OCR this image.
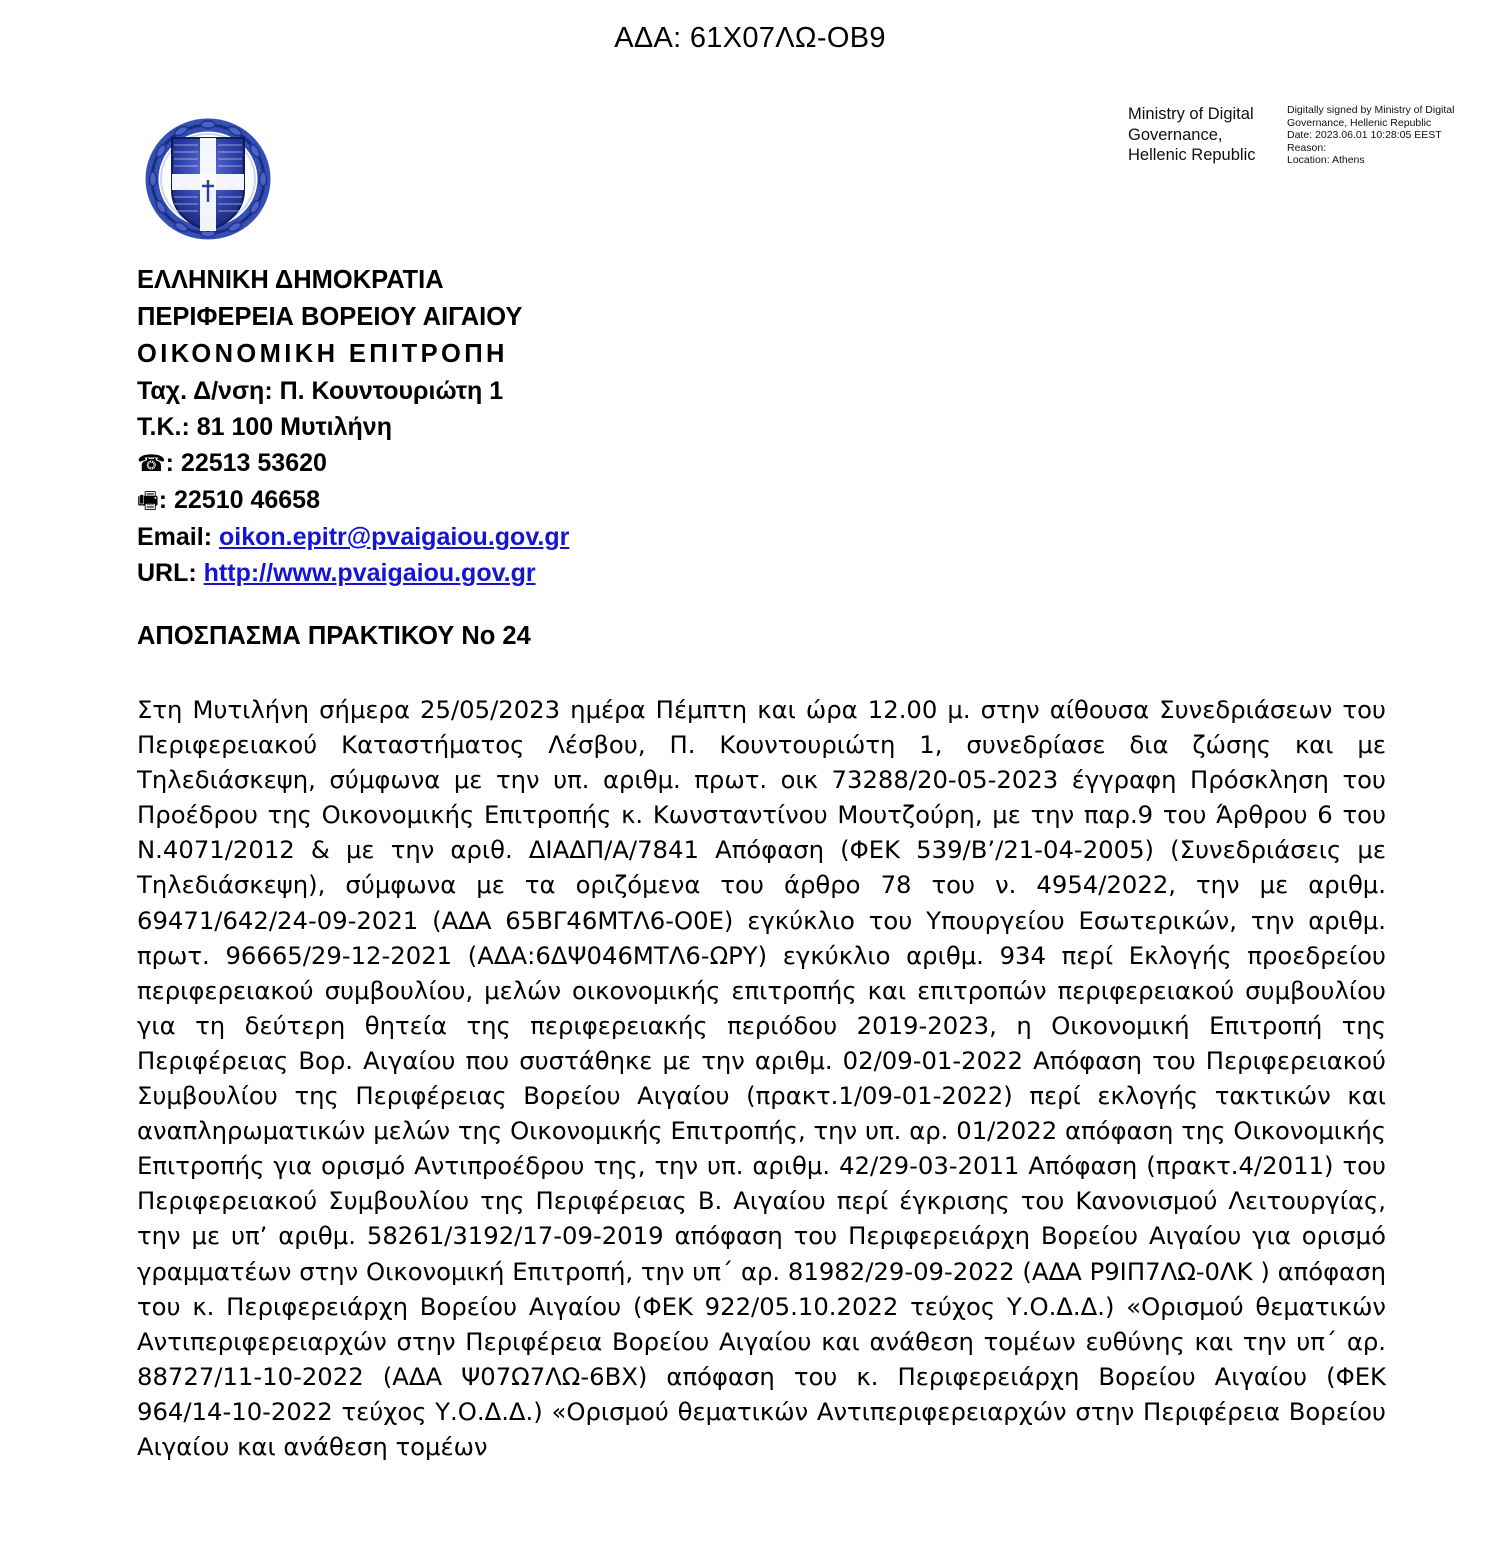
ΑΔΑ: 61Χ07ΛΩ-ΟΒ9
Ministry of Digital Governance, Hellenic Republic
Digitally signed by Ministry of Digital Governance, Hellenic Republic
Date: 2023.06.01 10:28:05 EEST
Reason:
Location: Athens
ΕΛΛΗΝΙΚΗ ΔΗΜΟΚΡΑΤΙΑ
ΠΕΡΙΦΕΡΕΙΑ ΒΟΡΕΙΟΥ ΑΙΓΑΙΟΥ
ΟΙΚΟΝΟΜΙΚΗ ΕΠΙΤΡΟΠΗ
Ταχ. Δ/νση: Π. Κουντουριώτη 1
Τ.Κ.: 81 100 Μυτιλήνη
☎: 22513 53620
🖷: 22510 46658
Email: oikon.epitr@pvaigaiou.gov.gr
URL: http://www.pvaigaiou.gov.gr
ΑΠΟΣΠΑΣΜΑ ΠΡΑΚΤΙΚΟΥ Νο 24

Στη Μυτιλήνη σήμερα 25/05/2023 ημέρα Πέμπτη και ώρα 12.00 μ. στην αίθουσα Συνεδριάσεων του Περιφερειακού Καταστήματος Λέσβου, Π. Κουντουριώτη 1, συνεδρίασε δια ζώσης και με Τηλεδιάσκεψη, σύμφωνα με την υπ. αριθμ. πρωτ. οικ 73288/20-05-2023 έγγραφη Πρόσκληση του Προέδρου της Οικονομικής Επιτροπής κ. Κωνσταντίνου Μουτζούρη, με την παρ.9 του Άρθρου 6 του Ν.4071/2012 & με την αριθ. ΔΙΑΔΠ/Α/7841 Απόφαση (ΦΕΚ 539/Β’/21-04-2005) (Συνεδριάσεις με Τηλεδιάσκεψη), σύμφωνα με τα οριζόμενα του άρθρο 78 του ν. 4954/2022, την με αριθμ. 69471/642/24-09-2021 (ΑΔΑ 65ΒΓ46ΜΤΛ6-Ο0Ε) εγκύκλιο του Υπουργείου Εσωτερικών, την αριθμ. πρωτ. 96665/29-12-2021 (ΑΔΑ:6ΔΨ046ΜΤΛ6-ΩΡΥ) εγκύκλιο αριθμ. 934 περί Εκλογής προεδρείου περιφερειακού συμβουλίου, μελών οικονομικής επιτροπής και επιτροπών περιφερειακού συμβουλίου για τη δεύτερη θητεία της περιφερειακής περιόδου 2019-2023, η Οικονομική Επιτροπή της Περιφέρειας Βορ. Αιγαίου που συστάθηκε με την αριθμ. 02/09-01-2022 Απόφαση του Περιφερειακού Συμβουλίου της Περιφέρειας Βορείου Αιγαίου (πρακτ.1/09-01-2022) περί εκλογής τακτικών και αναπληρωματικών μελών της Οικονομικής Επιτροπής, την υπ. αρ. 01/2022 απόφαση της Οικονομικής Επιτροπής για ορισμό Αντιπροέδρου της, την υπ. αριθμ. 42/29-03-2011 Απόφαση (πρακτ.4/2011) του Περιφερειακού Συμβουλίου της Περιφέρειας Β. Αιγαίου περί έγκρισης του Κανονισμού Λειτουργίας, την με υπ’ αριθμ. 58261/3192/17-09-2019 απόφαση του Περιφερειάρχη Βορείου Αιγαίου για ορισμό γραμματέων στην Οικονομική Επιτροπή, την υπ΄ αρ. 81982/29-09-2022 (ΑΔΑ Ρ9ΙΠ7ΛΩ-0ΛΚ ) απόφαση του κ. Περιφερειάρχη Βορείου Αιγαίου (ΦΕΚ 922/05.10.2022 τεύχος Υ.Ο.Δ.Δ.) «Ορισμού θεματικών Αντιπεριφερειαρχών στην Περιφέρεια Βορείου Αιγαίου και ανάθεση τομέων ευθύνης και την υπ΄ αρ. 88727/11-10-2022 (ΑΔΑ Ψ07Ω7ΛΩ-6ΒΧ) απόφαση του κ. Περιφερειάρχη Βορείου Αιγαίου (ΦΕΚ 964/14-10-2022 τεύχος Υ.Ο.Δ.Δ.) «Ορισμού θεματικών Αντιπεριφερειαρχών στην Περιφέρεια Βορείου Αιγαίου και ανάθεση τομέων
